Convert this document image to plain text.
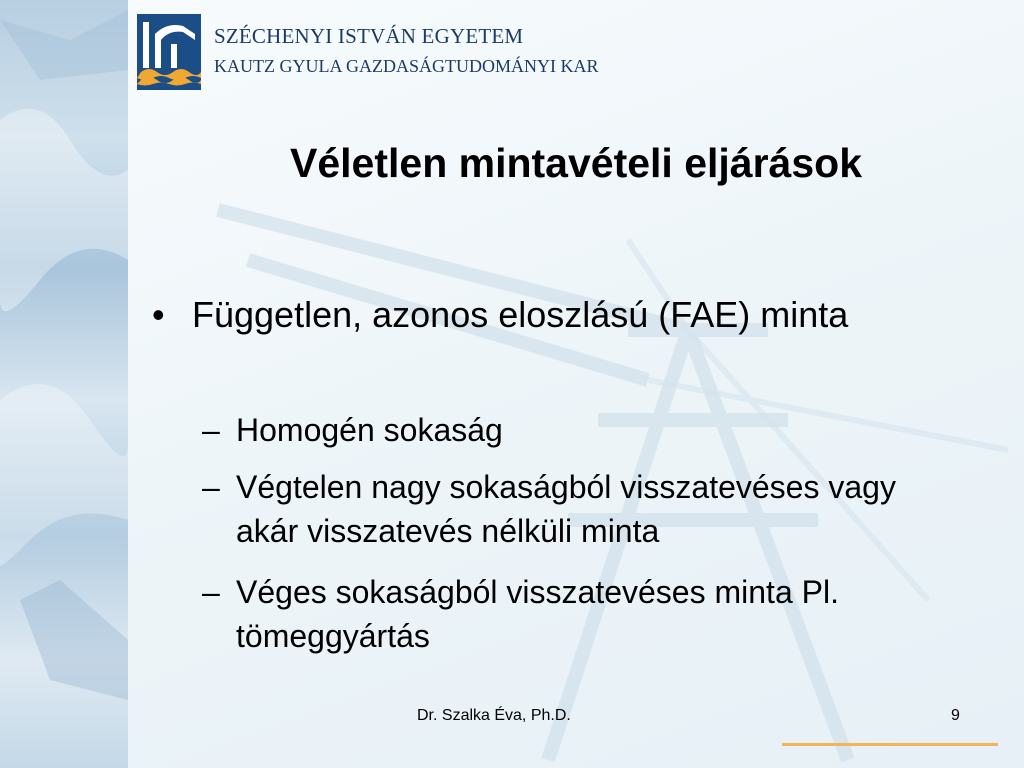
SZÉCHENYI ISTVÁN EGYETEM
KAUTZ GYULA GAZDASÁGTUDOMÁNYI KAR
Véletlen mintavételi eljárások
• Független, azonos eloszlású (FAE) minta
– Homogén sokaság
– Végtelen nagy sokaságból visszatevéses vagy akár visszatevés nélküli minta
– Véges sokaságból visszatevéses minta Pl. tömeggyártás
Dr. Szalka Éva, Ph.D.	9
